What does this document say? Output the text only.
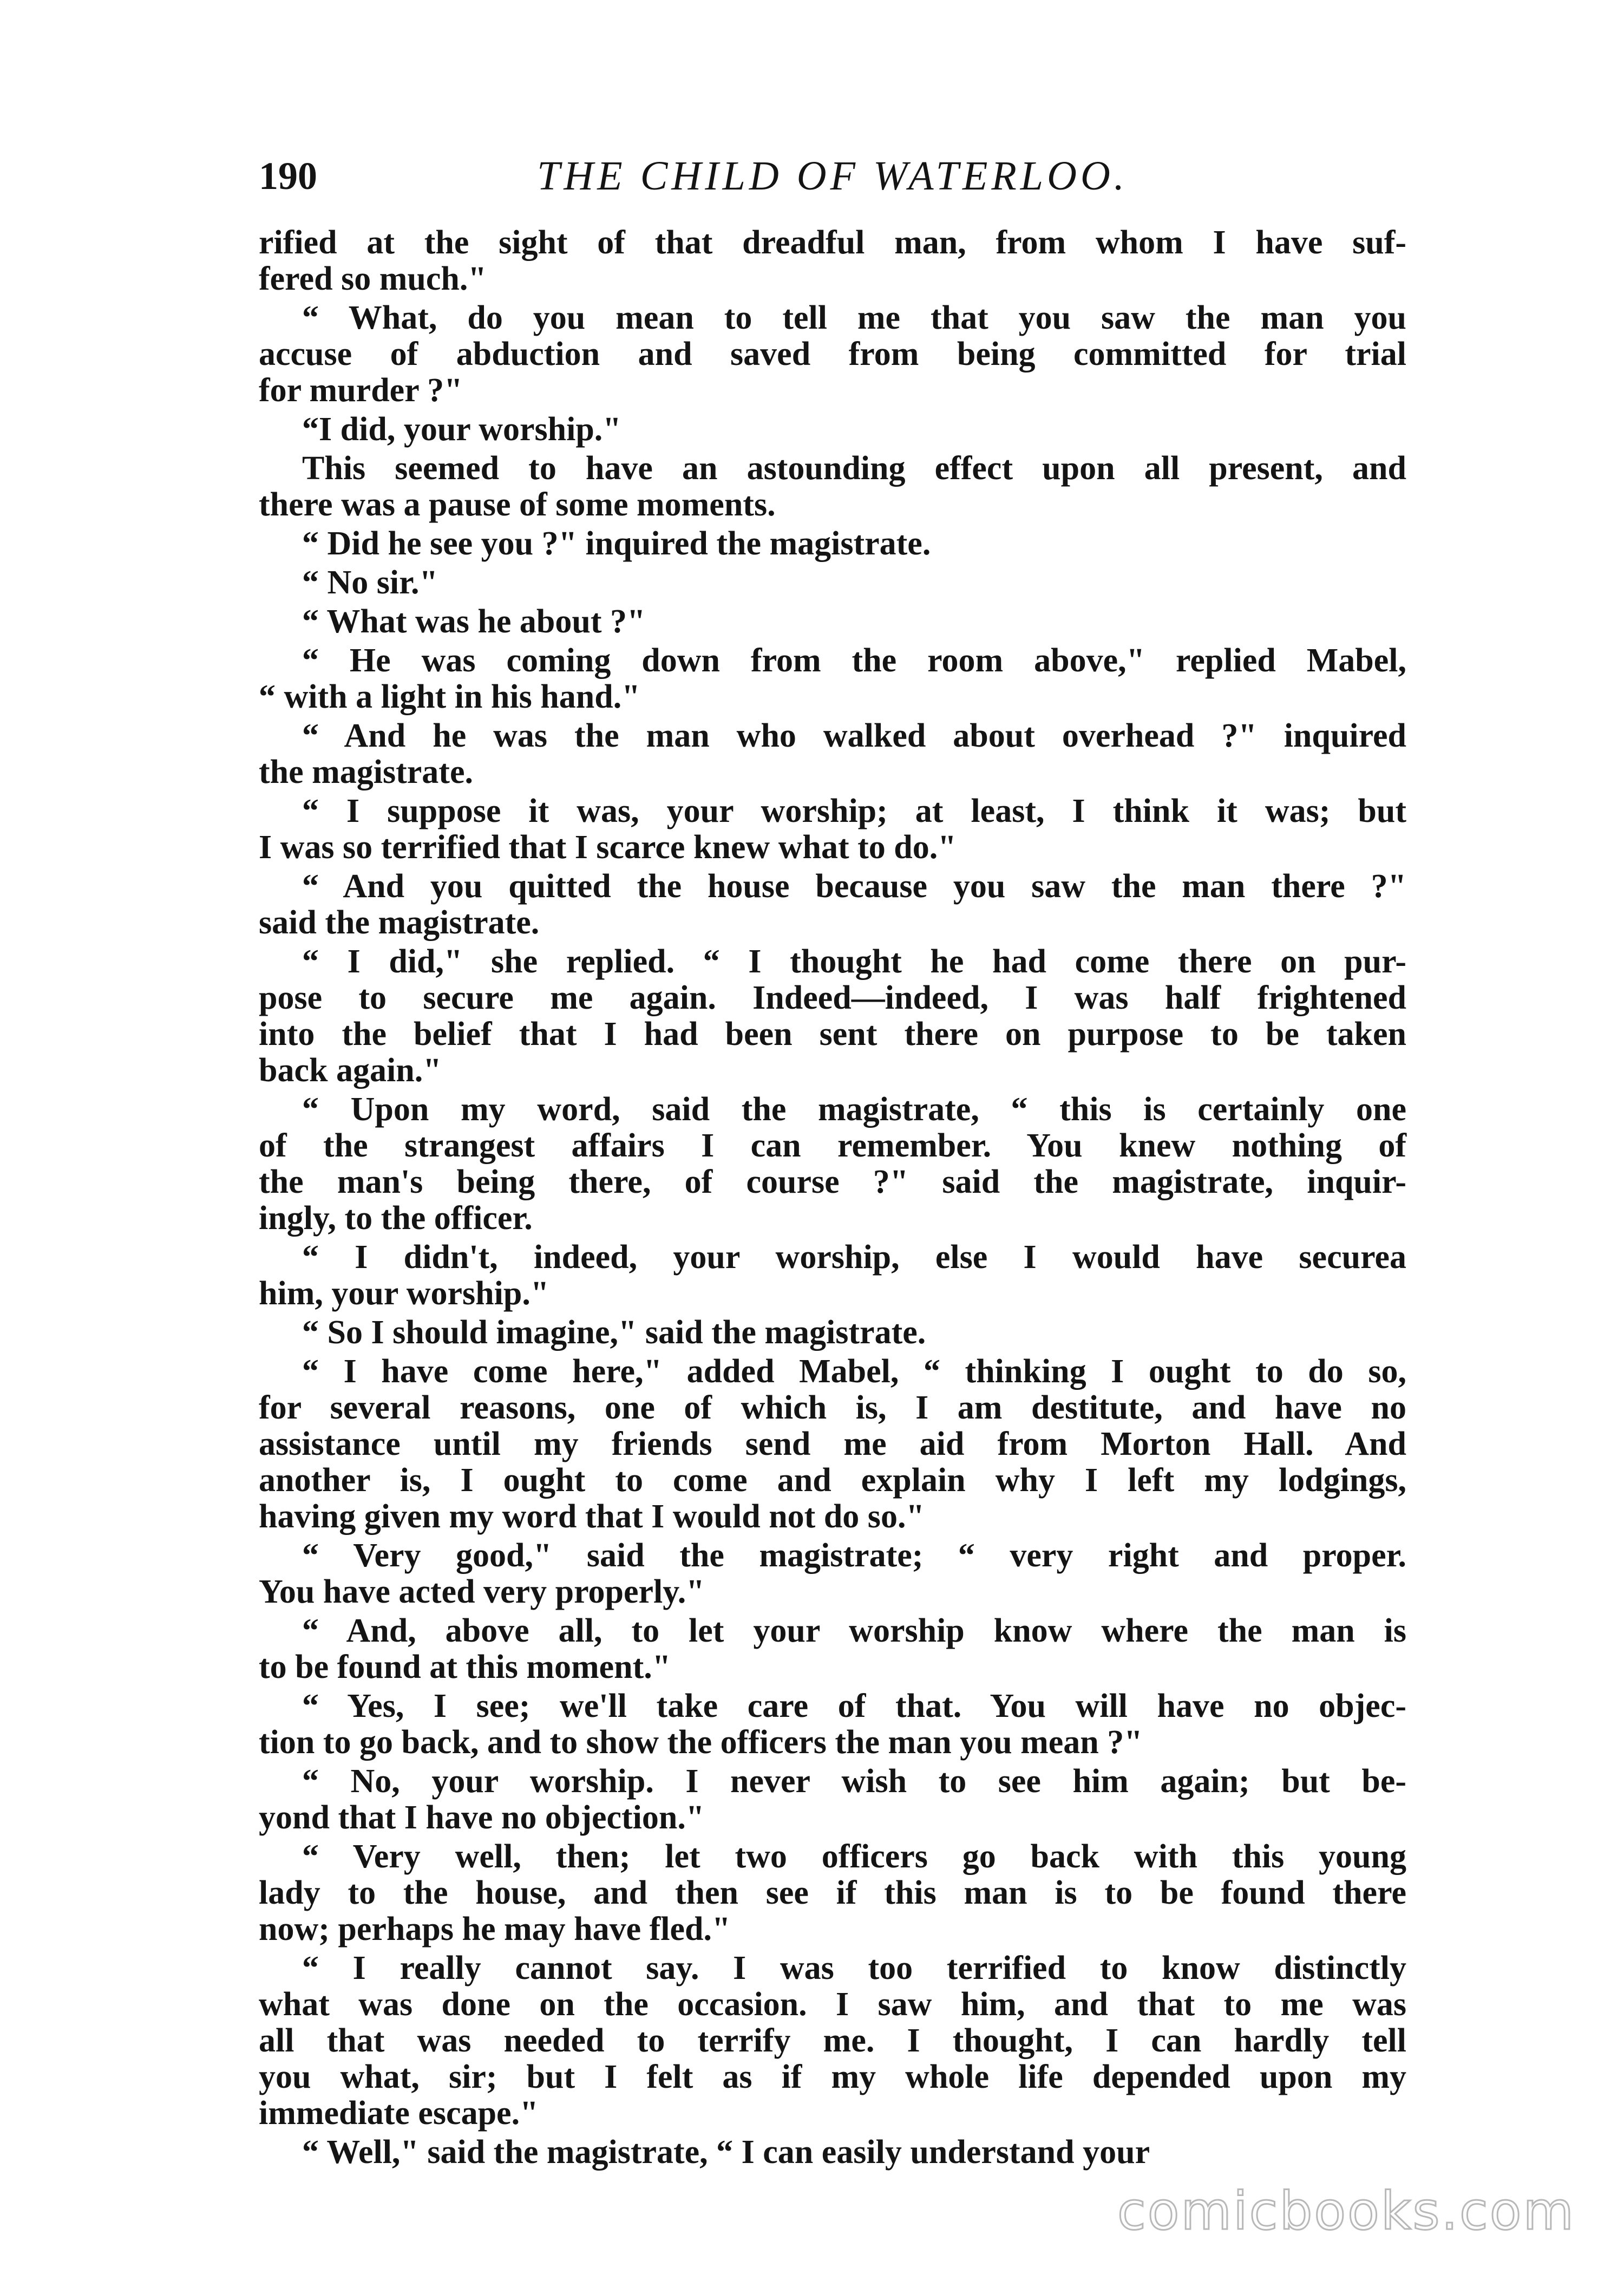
190	THE CHILD OF WATERLOO.
rified at the sight of that dreadful man, from whom I have suf-
fered so much."
“ What, do you mean to tell me that you saw the man you
accuse of abduction and saved from being committed for trial
for murder ?"
“I did, your worship."
This seemed to have an astounding effect upon all present, and
there was a pause of some moments.
“ Did he see you ?" inquired the magistrate.
“ No sir."
“ What was he about ?"
“ He was coming down from the room above," replied Mabel,
“ with a light in his hand."
“ And he was the man who walked about overhead ?" inquired
the magistrate.
“ I suppose it was, your worship; at least, I think it was; but
I was so terrified that I scarce knew what to do."
“ And you quitted the house because you saw the man there ?"
said the magistrate.
“ I did," she replied. “ I thought he had come there on pur-
pose to secure me again. Indeed—indeed, I was half frightened
into the belief that I had been sent there on purpose to be taken
back again."
“ Upon my word, said the magistrate, “ this is certainly one
of the strangest affairs I can remember. You knew nothing of
the man's being there, of course ?" said the magistrate, inquir-
ingly, to the officer.
“ I didn't, indeed, your worship, else I would have securea
him, your worship."
“ So I should imagine," said the magistrate.
“ I have come here," added Mabel, “ thinking I ought to do so,
for several reasons, one of which is, I am destitute, and have no
assistance until my friends send me aid from Morton Hall. And
another is, I ought to come and explain why I left my lodgings,
having given my word that I would not do so."
“ Very good," said the magistrate; “ very right and proper.
You have acted very properly."
“ And, above all, to let your worship know where the man is
to be found at this moment."
“ Yes, I see; we'll take care of that. You will have no objec-
tion to go back, and to show the officers the man you mean ?"
“ No, your worship. I never wish to see him again; but be-
yond that I have no objection."
“ Very well, then; let two officers go back with this young
lady to the house, and then see if this man is to be found there
now; perhaps he may have fled."
“ I really cannot say. I was too terrified to know distinctly
what was done on the occasion. I saw him, and that to me was
all that was needed to terrify me. I thought, I can hardly tell
you what, sir; but I felt as if my whole life depended upon my
immediate escape."
“ Well," said the magistrate, “ I can easily understand your
comicbooks.com
